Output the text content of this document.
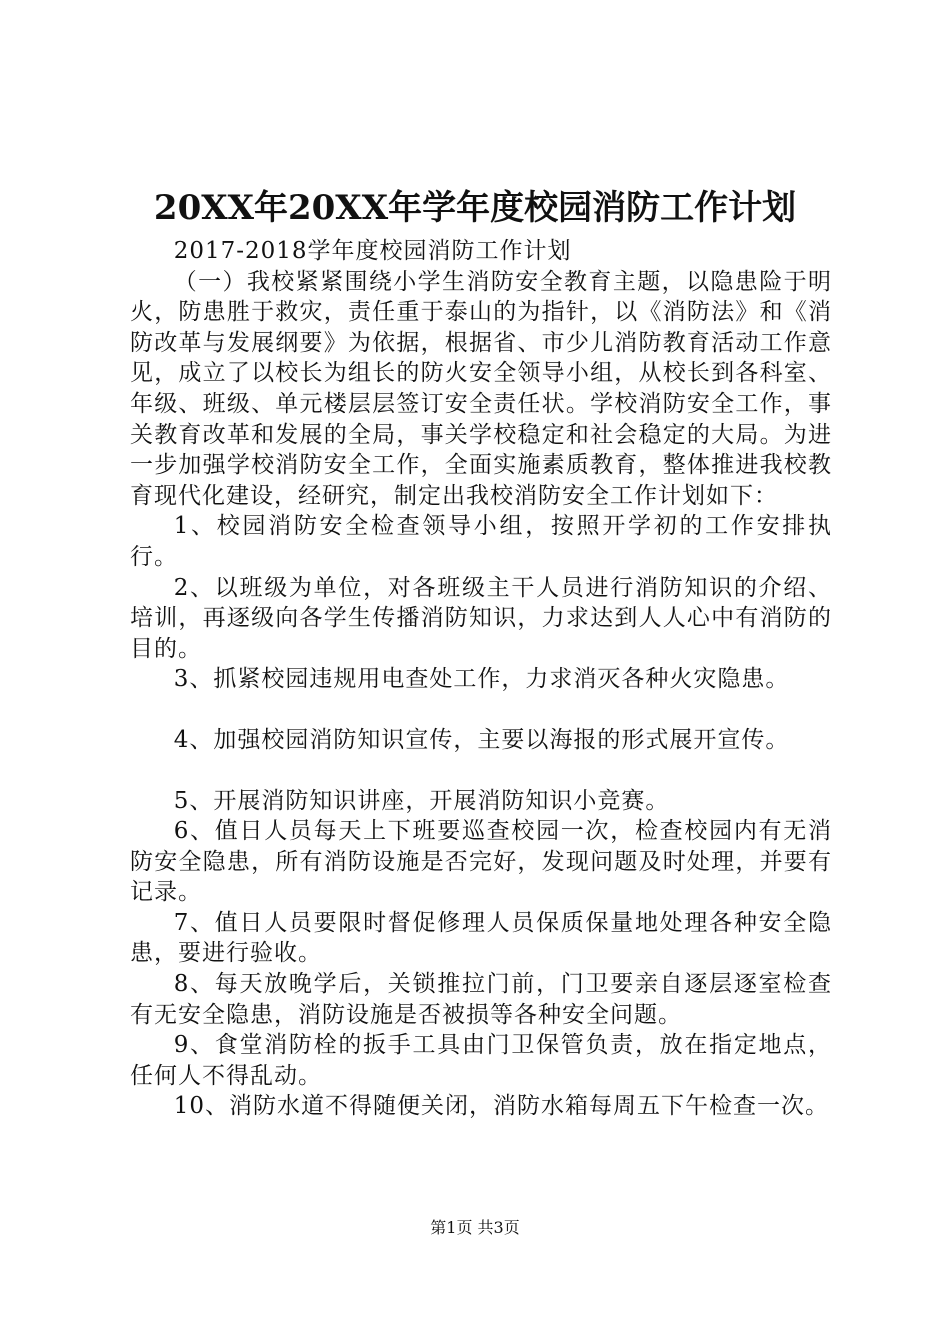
20XX年20XX年学年度校园消防工作计划

2017-2018学年度校园消防工作计划

（一）我校紧紧围绕小学生消防安全教育主题，以隐患险于明火，防患胜于救灾，责任重于泰山的为指针，以《消防法》和《消防改革与发展纲要》为依据，根据省、市少儿消防教育活动工作意见，成立了以校长为组长的防火安全领导小组，从校长到各科室、年级、班级、单元楼层层签订安全责任状。学校消防安全工作，事关教育改革和发展的全局，事关学校稳定和社会稳定的大局。为进一步加强学校消防安全工作，全面实施素质教育，整体推进我校教育现代化建设，经研究，制定出我校消防安全工作计划如下：

1、校园消防安全检查领导小组，按照开学初的工作安排执行。

2、以班级为单位，对各班级主干人员进行消防知识的介绍、培训，再逐级向各学生传播消防知识，力求达到人人心中有消防的目的。

3、抓紧校园违规用电查处工作，力求消灭各种火灾隐患。

4、加强校园消防知识宣传，主要以海报的形式展开宣传。

5、开展消防知识讲座，开展消防知识小竞赛。

6、值日人员每天上下班要巡查校园一次，检查校园内有无消防安全隐患，所有消防设施是否完好，发现问题及时处理，并要有记录。

7、值日人员要限时督促修理人员保质保量地处理各种安全隐患，要进行验收。

8、每天放晚学后，关锁推拉门前，门卫要亲自逐层逐室检查有无安全隐患，消防设施是否被损等各种安全问题。

9、食堂消防栓的扳手工具由门卫保管负责，放在指定地点，任何人不得乱动。

10、消防水道不得随便关闭，消防水箱每周五下午检查一次。

第1页 共3页
